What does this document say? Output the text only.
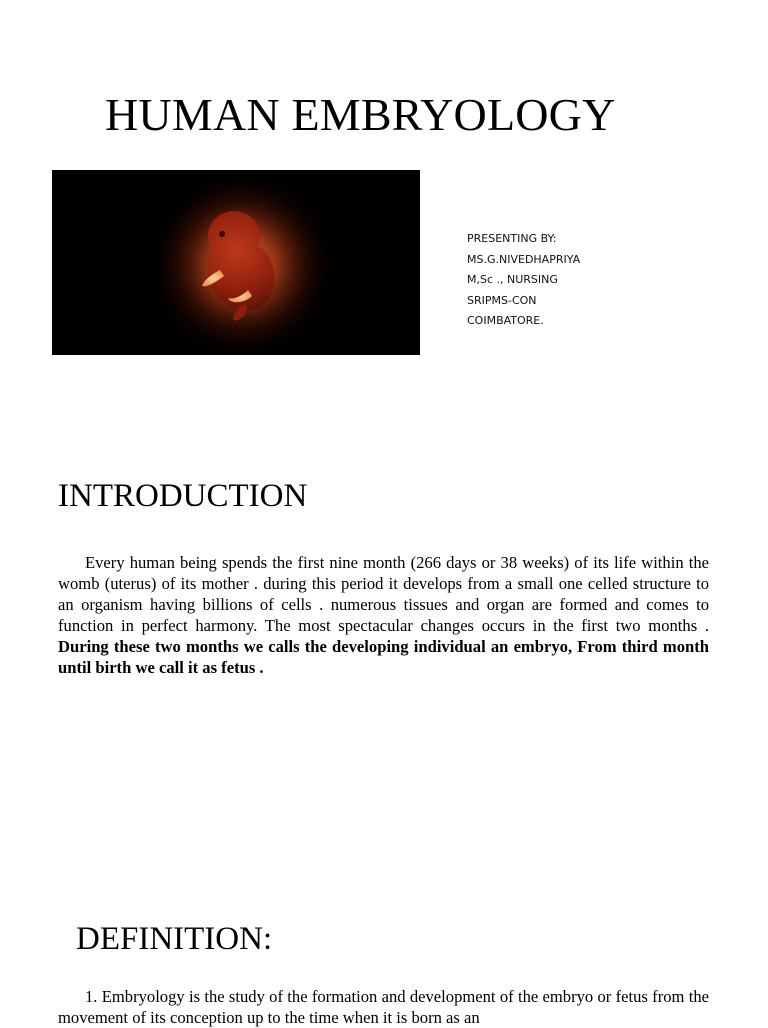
HUMAN EMBRYOLOGY
PRESENTING BY:
MS.G.NIVEDHAPRIYA
M,Sc ., NURSING
SRIPMS-CON
COIMBATORE.
INTRODUCTION

Every human being spends the first nine month (266 days or 38 weeks) of its life within the womb (uterus) of its mother . during this period it develops from a small one celled structure to an organism having billions of cells . numerous tissues and organ are formed and comes to function in perfect harmony. The most spectacular changes occurs in the first two months . During these two months we calls the developing individual an embryo, From third month until birth we call it as fetus .

DEFINITION:

1. Embryology is the study of the formation and development of the embryo or fetus from the movement of its conception up to the time when it is born as an
